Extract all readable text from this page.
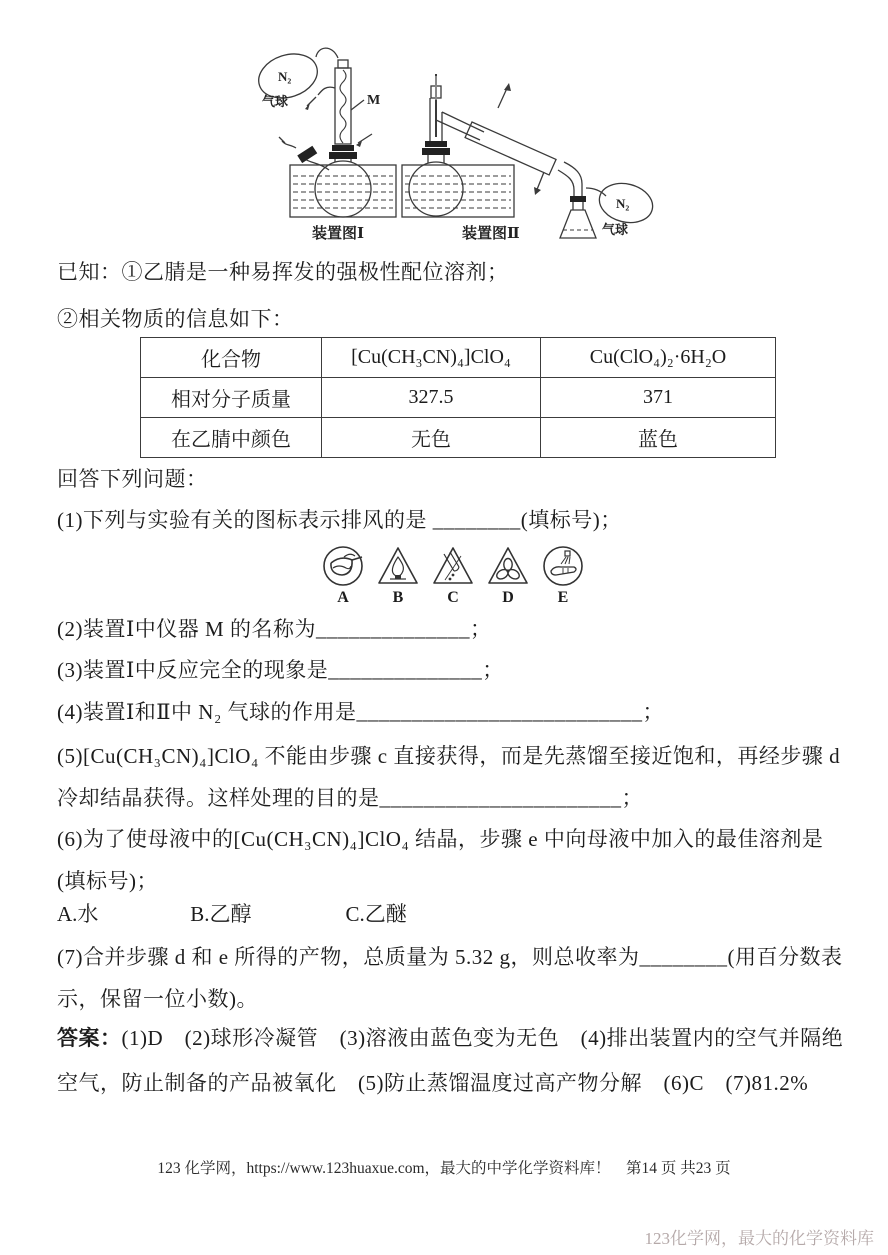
N₂
气球	M
装置图Ⅰ
N₂
气球
装置图Ⅱ
已知：①乙腈是一种易挥发的强极性配位溶剂；
②相关物质的信息如下：
化合物	[Cu(CH₃CN)₄]ClO₄	Cu(ClO₄)₂·6H₂O
相对分子质量	327.5	371
在乙腈中颜色	无色	蓝色
回答下列问题：
(1)下列与实验有关的图标表示排风的是 ________(填标号)；
A	B	C	D	E
(2)装置Ⅰ中仪器 M 的名称为______________；
(3)装置Ⅰ中反应完全的现象是______________；
(4)装置Ⅰ和Ⅱ中 N₂ 气球的作用是__________________________；
(5)[Cu(CH₃CN)₄]ClO₄ 不能由步骤 c 直接获得，而是先蒸馏至接近饱和，再经步骤 d 冷却结晶获得。这样处理的目的是______________________；
(6)为了使母液中的[Cu(CH₃CN)₄]ClO₄ 结晶，步骤 e 中向母液中加入的最佳溶剂是(填标号)；
A.水	B.乙醇	C.乙醚
(7)合并步骤 d 和 e 所得的产物，总质量为 5.32 g，则总收率为________(用百分数表示，保留一位小数)。
答案：(1)D　(2)球形冷凝管　(3)溶液由蓝色变为无色　(4)排出装置内的空气并隔绝空气，防止制备的产品被氧化　(5)防止蒸馏温度过高产物分解　(6)C　(7)81.2%
123 化学网，https://www.123huaxue.com，最大的中学化学资料库！　第14 页 共23 页
123化学网，最大的化学资料库
